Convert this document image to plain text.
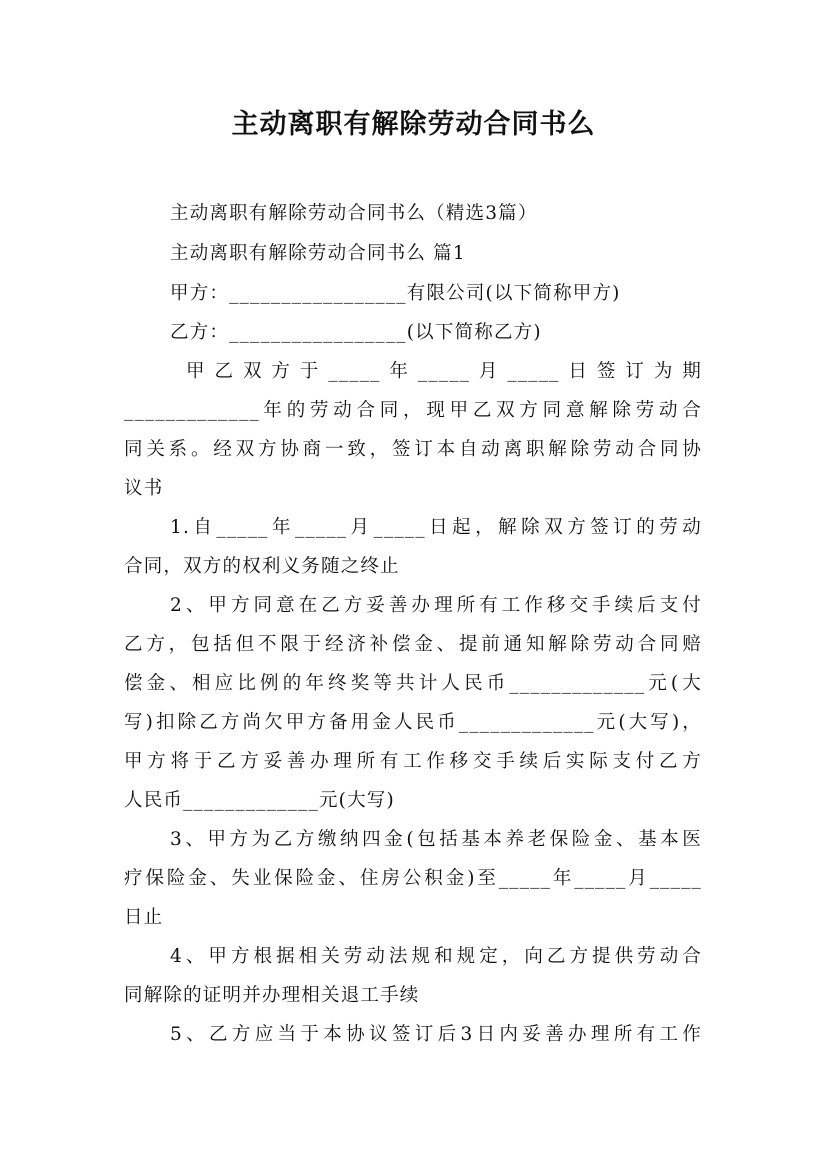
主动离职有解除劳动合同书么
主动离职有解除劳动合同书么（精选3篇）
主动离职有解除劳动合同书么 篇1
甲方：_________________有限公司(以下简称甲方)
乙方：_________________(以下简称乙方)
甲乙双方于_____年_____月_____日签订为期
_____________年的劳动合同，现甲乙双方同意解除劳动合
同关系。经双方协商一致，签订本自动离职解除劳动合同协
议书
1.自_____年_____月_____日起，解除双方签订的劳动
合同，双方的权利义务随之终止
2、甲方同意在乙方妥善办理所有工作移交手续后支付
乙方，包括但不限于经济补偿金、提前通知解除劳动合同赔
偿金、相应比例的年终奖等共计人民币_____________元(大
写)扣除乙方尚欠甲方备用金人民币_____________元(大写)，
甲方将于乙方妥善办理所有工作移交手续后实际支付乙方
人民币_____________元(大写)
3、甲方为乙方缴纳四金(包括基本养老保险金、基本医
疗保险金、失业保险金、住房公积金)至_____年_____月_____
日止
4、甲方根据相关劳动法规和规定，向乙方提供劳动合
同解除的证明并办理相关退工手续
5、乙方应当于本协议签订后3日内妥善办理所有工作
